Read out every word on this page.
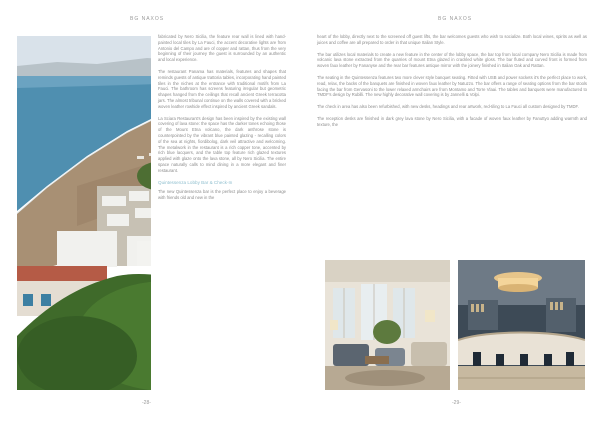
BG NAXOS
-28-
BG NAXOS
-29-

fabricated by Nero Sicilia, the feature rear wall is lined with hand-painted local tiles by La Fauci, the accent decorative lights are from Antonio del Campo and are of copper and rattan, thus from the very beginning of their journey the guest is surrounded by an authentic and local experience.

The restaurant Panama has materials, features and shapes that reminds guests of antique trattoria tables, incorporating hand painted tiles in the niches at the entrance with traditional motifs from La Fauci. The bathroom has screens featuring irregular but geometric shapes hanged from the ceilings that recall ancient Greek terracotta jars. The almost tribunal continue on the walls covered with a bricked woven leather rowhide effect inspired by ancient Greek sandals.

La Sciara Restaurant's design has been inspired by the existing wall covering of lava stone: the space has the darker tones echoing those of the Mount Etna volcano, the dark anthrose stone is counterpointed by the vibrant blue painted glazing - recalling colors of the sea at nights, fiordibolog, dark veil attractive and welcoming. The metalwork in the restaurant is a rich copper tone, accented by rich blue lacquers, and the table top feature rich glazed textures applied with glaze onto the lava stone, all by Nero Sicilia. The entire space naturally calls to mind dining in a more elegant and finer restaurant.

Quintessenza Lobby Bar & Check-In

The new Quintessenza bar is the perfect place to enjoy a beverage with friends old and new in the

heart of the lobby, directly next to the screened off guest lifts, the bar welcomes guests who wish to socialize. Both local wines, spirits as well as juices and coffee are all prepared to order in that unique Italian Style.

The bar utilizes local materials to create a new feature in the center of the lobby space, the bar top from local company Nero Sicilia is made from volcanic lava stone extracted from the quarries of mount Etna glazed in crackled white gloss. The bar fluted and curved front is formed from woven faux leather by Fananyse and the rear bar features antique mirror with the joinery finished in Italian Oak and Rattan.

The seating in the Quintessenza features two more clever style banquet seating. Fitted with USB and power sockets it's the perfect place to work, read, relax, the backs of the banquets are finished in woven faux leather by Natuzzo. The bar offers a range of seating options from the bar stools facing the bar from Gervasoni to the lower relaxed armchairs are from Montamo and Torre Vlaai. The tables and banquets were manufactured to TMDF's design by Rubilli. The new highly decorative wall covering is by Jannelli & Volpi.

The check in area has also been refurbished, with new desks, headings and rear artwork, red-tiling to La Fauci all custom designed by TMDF.

The reception desks are finished in dark grey lava stone by Nero Sicilia, with a facade of woven faux leather by Fanuttyo adding warmth and texture, the
